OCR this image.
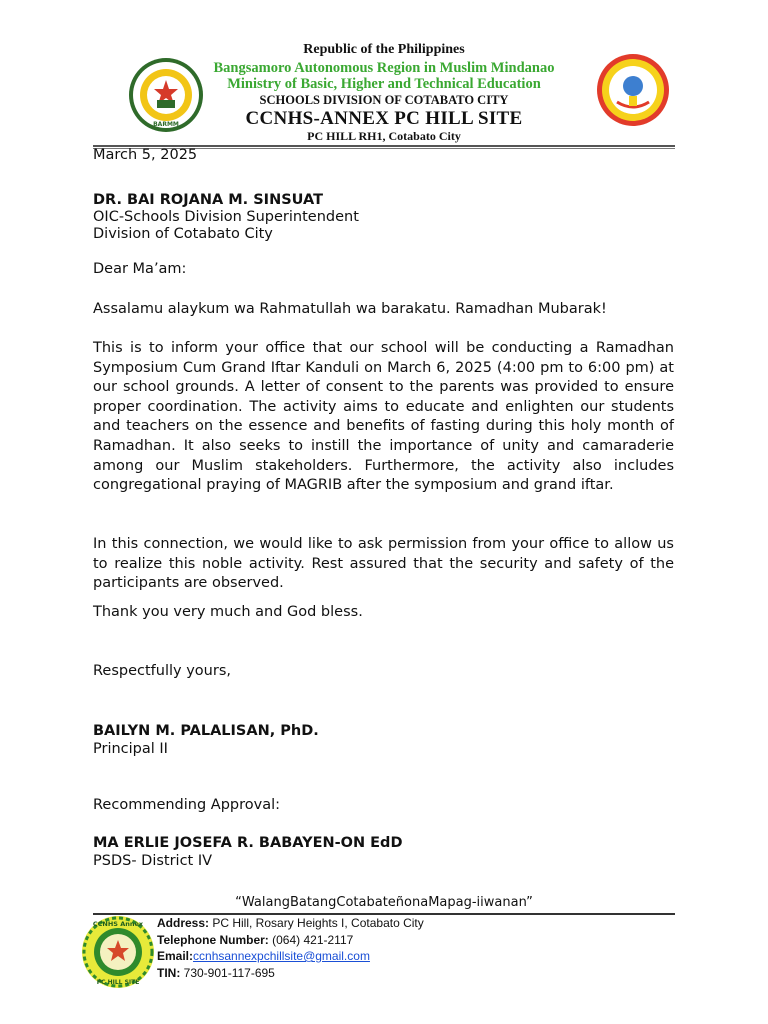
BARMM
Republic of the Philippines
Bangsamoro Autonomous Region in Muslim Mindanao
Ministry of Basic, Higher and Technical Education
SCHOOLS DIVISION OF COTABATO CITY
CCNHS-ANNEX PC HILL SITE
PC HILL RH1, Cotabato City
March 5, 2025
DR. BAI ROJANA M. SINSUAT
OIC-Schools Division Superintendent
Division of Cotabato City
Dear Ma’am:
Assalamu alaykum wa Rahmatullah wa barakatu. Ramadhan Mubarak!
This is to inform your office that our school will be conducting a Ramadhan Symposium Cum Grand Iftar Kanduli on March 6, 2025 (4:00 pm to 6:00 pm) at our school grounds. A letter of consent to the parents was provided to ensure proper coordination. The activity aims to educate and enlighten our students and teachers on the essence and benefits of fasting during this holy month of Ramadhan. It also seeks to instill the importance of unity and camaraderie among our Muslim stakeholders. Furthermore, the activity also includes congregational praying of MAGRIB after the symposium and grand iftar.
In this connection, we would like to ask permission from your office to allow us to realize this noble activity. Rest assured that the security and safety of the participants are observed.
Thank you very much and God bless.
Respectfully yours,
BAILYN M. PALALISAN, PhD.
Principal II
Recommending Approval:
MA ERLIE JOSEFA R. BABAYEN-ON EdD
PSDS- District IV
“WalangBatangCotabateñonaMapag-iiwanan”
CCNHS Annex
PC HILL SITE
Address: PC Hill, Rosary Heights I, Cotabato City
Telephone Number: (064) 421-2117
Email:ccnhsannexpchillsite@gmail.com
TIN: 730-901-117-695
